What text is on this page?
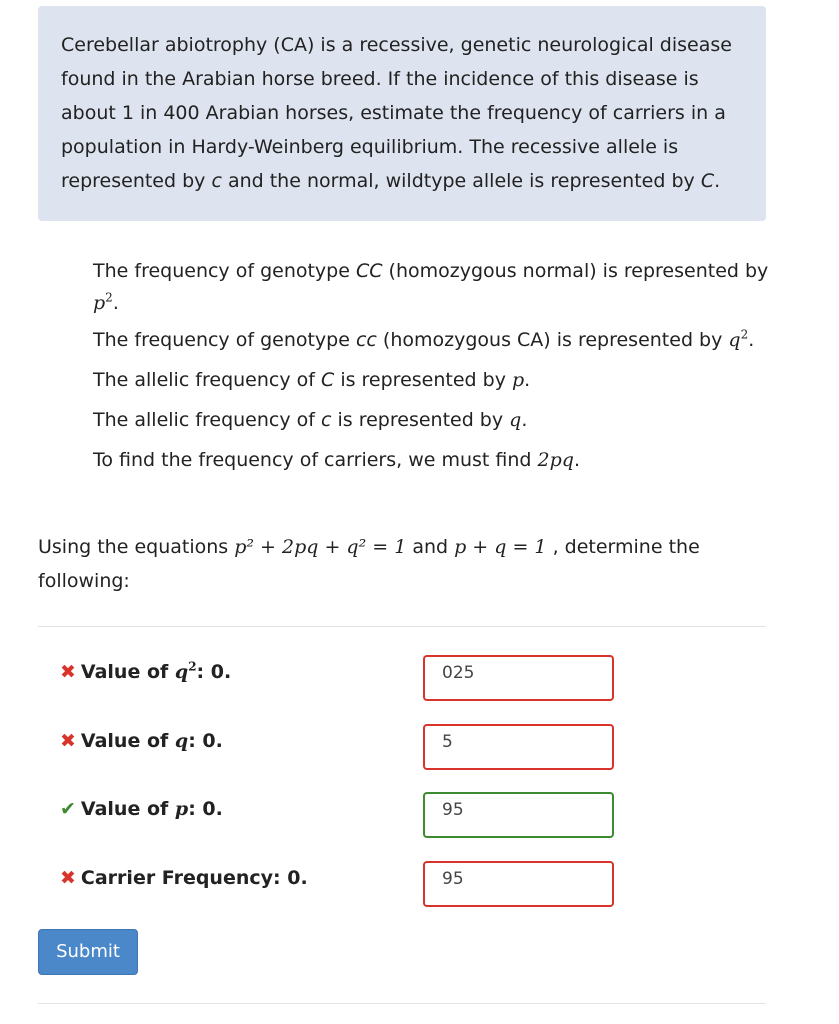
Cerebellar abiotrophy (CA) is a recessive, genetic neurological disease found in the Arabian horse breed. If the incidence of this disease is about 1 in 400 Arabian horses, estimate the frequency of carriers in a population in Hardy-Weinberg equilibrium. The recessive allele is represented by c and the normal, wildtype allele is represented by C.
The frequency of genotype CC (homozygous normal) is represented by $p^2$.
The frequency of genotype cc (homozygous CA) is represented by $q^2$.
The allelic frequency of C is represented by p.
The allelic frequency of c is represented by q.
To find the frequency of carriers, we must find 2pq.
Using the equations p² + 2pq + q² = 1 and p + q = 1 , determine the following:
✖ Value of $q^2$: 0.	025
✖ Value of q: 0.	5
✔ Value of p: 0.	95
✖ Carrier Frequency: 0.	95
Submit
